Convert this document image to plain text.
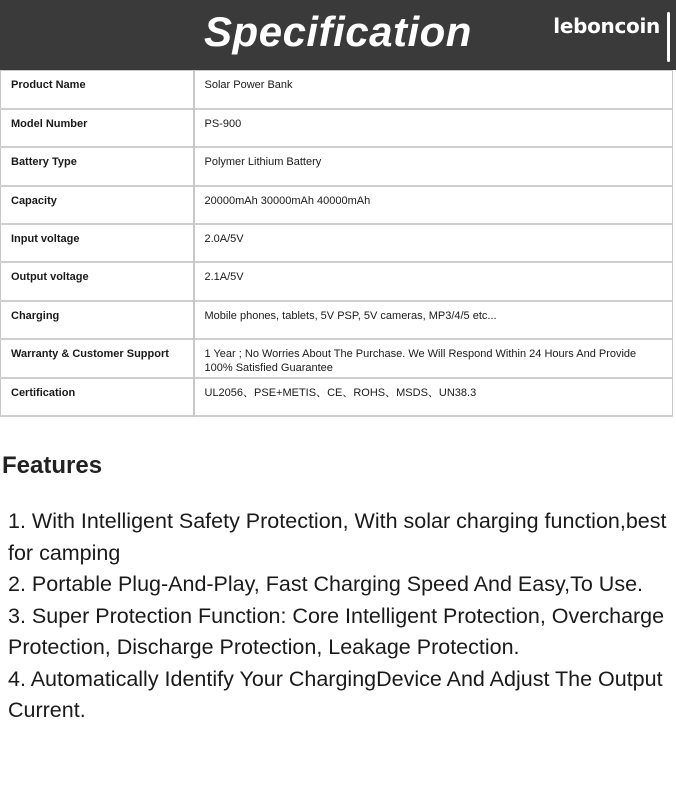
Specification	leboncoin
Product Name	Solar Power Bank
Model Number	PS-900
Battery Type	Polymer Lithium Battery
Capacity	20000mAh 30000mAh 40000mAh
Input voltage	2.0A/5V
Output voltage	2.1A/5V
Charging	Mobile phones, tablets, 5V PSP, 5V cameras, MP3/4/5 etc...
Warranty & Customer Support	1 Year ; No Worries About The Purchase. We Will Respond Within 24 Hours And Provide 100% Satisfied Guarantee
Certification	UL2056、PSE+METIS、CE、ROHS、MSDS、UN38.3
Features
1. With Intelligent Safety Protection, With solar charging function,best for camping
2. Portable Plug-And-Play, Fast Charging Speed And Easy,To Use.
3. Super Protection Function: Core Intelligent Protection, Overcharge Protection, Discharge Protection, Leakage Protection.
4. Automatically Identify Your ChargingDevice And Adjust The Output Current.
